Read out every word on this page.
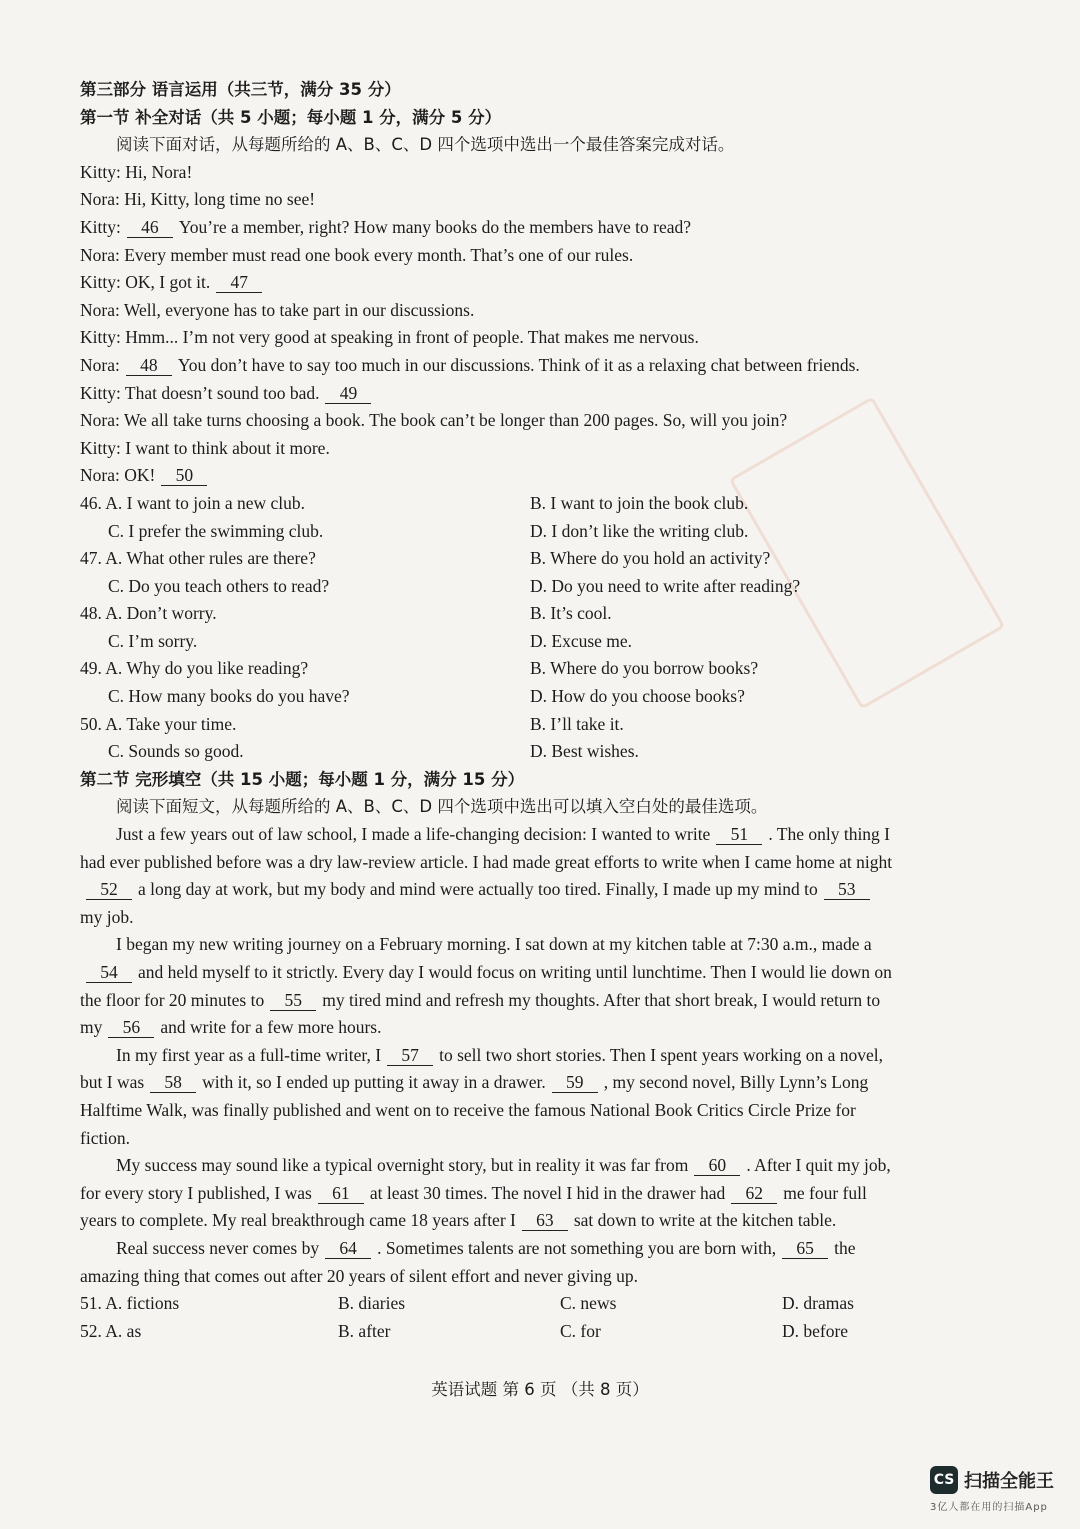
第三部分 语言运用（共三节，满分 35 分）
第一节 补全对话（共 5 小题；每小题 1 分，满分 5 分）
阅读下面对话，从每题所给的 A、B、C、D 四个选项中选出一个最佳答案完成对话。
Kitty: Hi, Nora!
Nora: Hi, Kitty, long time no see!
Kitty: 46 You’re a member, right? How many books do the members have to read?
Nora: Every member must read one book every month. That’s one of our rules.
Kitty: OK, I got it. 47
Nora: Well, everyone has to take part in our discussions.
Kitty: Hmm... I’m not very good at speaking in front of people. That makes me nervous.
Nora: 48 You don’t have to say too much in our discussions. Think of it as a relaxing chat between friends.
Kitty: That doesn’t sound too bad. 49
Nora: We all take turns choosing a book. The book can’t be longer than 200 pages. So, will you join?
Kitty: I want to think about it more.
Nora: OK! 50
46. A. I want to join a new club.	B. I want to join the book club.
C. I prefer the swimming club.	D. I don’t like the writing club.
47. A. What other rules are there?	B. Where do you hold an activity?
C. Do you teach others to read?	D. Do you need to write after reading?
48. A. Don’t worry.	B. It’s cool.
C. I’m sorry.	D. Excuse me.
49. A. Why do you like reading?	B. Where do you borrow books?
C. How many books do you have?	D. How do you choose books?
50. A. Take your time.	B. I’ll take it.
C. Sounds so good.	D. Best wishes.
第二节 完形填空（共 15 小题；每小题 1 分，满分 15 分）
阅读下面短文，从每题所给的 A、B、C、D 四个选项中选出可以填入空白处的最佳选项。
Just a few years out of law school, I made a life-changing decision: I wanted to write 51 . The only thing I
had ever published before was a dry law-review article. I had made great efforts to write when I came home at night
52 a long day at work, but my body and mind were actually too tired. Finally, I made up my mind to 53
my job.
I began my new writing journey on a February morning. I sat down at my kitchen table at 7:30 a.m., made a
54 and held myself to it strictly. Every day I would focus on writing until lunchtime. Then I would lie down on
the floor for 20 minutes to 55 my tired mind and refresh my thoughts. After that short break, I would return to
my 56 and write for a few more hours.
In my first year as a full-time writer, I 57 to sell two short stories. Then I spent years working on a novel,
but I was 58 with it, so I ended up putting it away in a drawer. 59 , my second novel, Billy Lynn’s Long
Halftime Walk, was finally published and went on to receive the famous National Book Critics Circle Prize for
fiction.
My success may sound like a typical overnight story, but in reality it was far from 60 . After I quit my job,
for every story I published, I was 61 at least 30 times. The novel I hid in the drawer had 62 me four full
years to complete. My real breakthrough came 18 years after I 63 sat down to write at the kitchen table.
Real success never comes by 64 . Sometimes talents are not something you are born with, 65 the
amazing thing that comes out after 20 years of silent effort and never giving up.
51. A. fictions	B. diaries	C. news	D. dramas
52. A. as	B. after	C. for	D. before
英语试题 第 6 页 （共 8 页）
CS 扫描全能王
3亿人都在用的扫描App
